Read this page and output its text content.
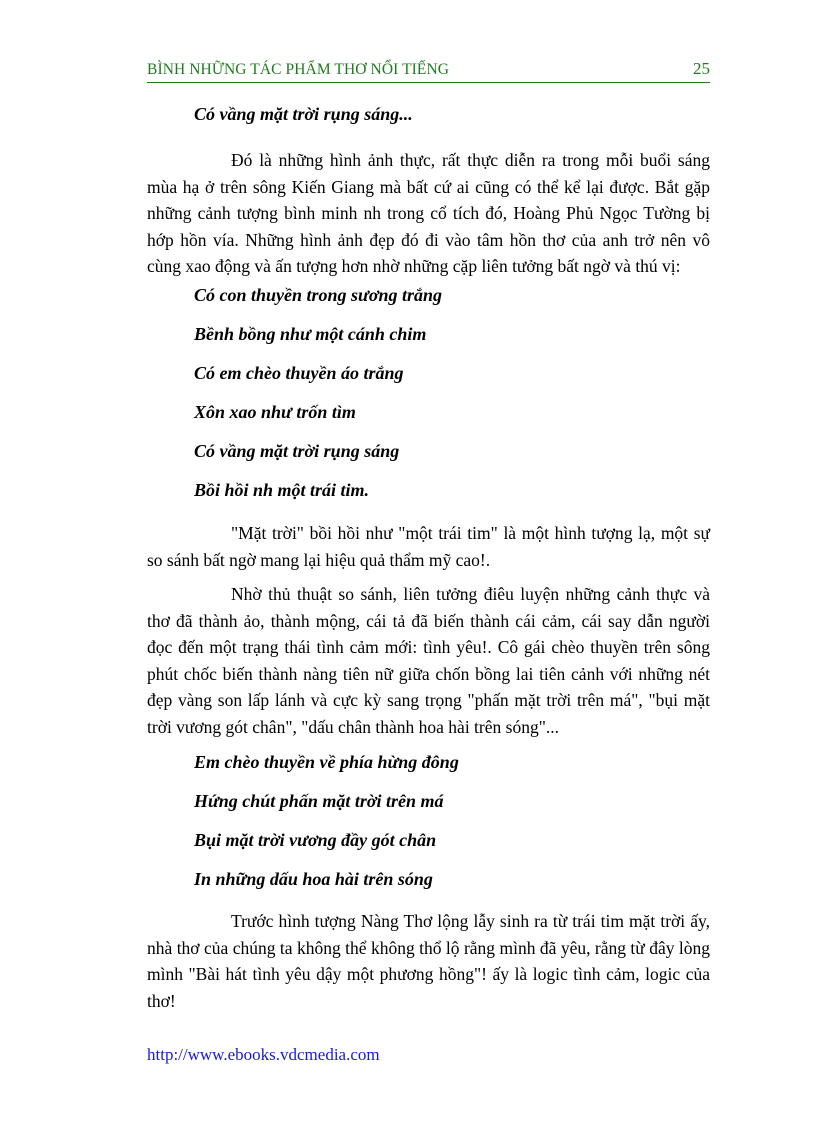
BÌNH NHỮNG TÁC PHẨM THƠ NỔI TIẾNG	25
Có vầng mặt trời rụng sáng...

Đó là những hình ảnh thực, rất thực diễn ra trong mỗi buổi sáng mùa hạ ở trên sông Kiến Giang mà bất cứ ai cũng có thể kể lại được. Bắt gặp những cảnh tượng bình minh nh trong cổ tích đó, Hoàng Phủ Ngọc Tường bị hớp hồn vía. Những hình ảnh đẹp đó đi vào tâm hồn thơ của anh trở nên vô cùng xao động và ấn tượng hơn nhờ những cặp liên tưởng bất ngờ và thú vị:

Có con thuyền trong sương trắng
Bềnh bồng như một cánh chim
Có em chèo thuyền áo trắng
Xôn xao như trốn tìm
Có vầng mặt trời rụng sáng
Bồi hồi nh một trái tim.

"Mặt trời" bồi hồi như "một trái tim" là một hình tượng lạ, một sự so sánh bất ngờ mang lại hiệu quả thẩm mỹ cao!.

Nhờ thủ thuật so sánh, liên tưởng điêu luyện những cảnh thực và thơ đã thành ảo, thành mộng, cái tả đã biến thành cái cảm, cái say dẫn người đọc đến một trạng thái tình cảm mới: tình yêu!. Cô gái chèo thuyền trên sông phút chốc biến thành nàng tiên nữ giữa chốn bồng lai tiên cảnh với những nét đẹp vàng son lấp lánh và cực kỳ sang trọng "phấn mặt trời trên má", "bụi mặt trời vương gót chân", "dấu chân thành hoa hài trên sóng"...

Em chèo thuyền về phía hừng đông
Hứng chút phấn mặt trời trên má
Bụi mặt trời vương đầy gót chân
In những dấu hoa hài trên sóng

Trước hình tượng Nàng Thơ lộng lẫy sinh ra từ trái tim mặt trời ấy, nhà thơ của chúng ta không thể không thổ lộ rằng mình đã yêu, rằng từ đây lòng mình "Bài hát tình yêu dậy một phương hồng"! ấy là logic tình cảm, logic của thơ!

http://www.ebooks.vdcmedia.com
